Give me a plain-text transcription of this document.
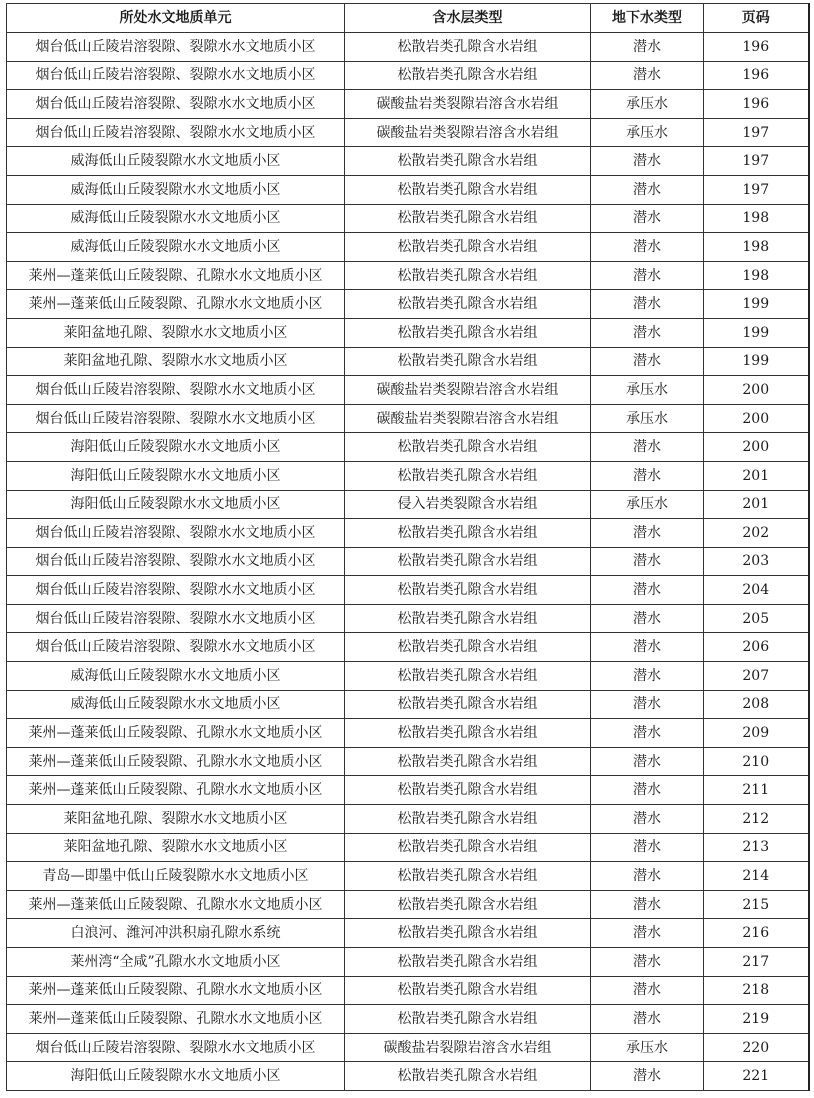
所处水文地质单元	含水层类型	地下水类型	页码
烟台低山丘陵岩溶裂隙、裂隙水水文地质小区	松散岩类孔隙含水岩组	潜水	196
烟台低山丘陵岩溶裂隙、裂隙水水文地质小区	松散岩类孔隙含水岩组	潜水	196
烟台低山丘陵岩溶裂隙、裂隙水水文地质小区	碳酸盐岩类裂隙岩溶含水岩组	承压水	196
烟台低山丘陵岩溶裂隙、裂隙水水文地质小区	碳酸盐岩类裂隙岩溶含水岩组	承压水	197
威海低山丘陵裂隙水水文地质小区	松散岩类孔隙含水岩组	潜水	197
威海低山丘陵裂隙水水文地质小区	松散岩类孔隙含水岩组	潜水	197
威海低山丘陵裂隙水水文地质小区	松散岩类孔隙含水岩组	潜水	198
威海低山丘陵裂隙水水文地质小区	松散岩类孔隙含水岩组	潜水	198
莱州—蓬莱低山丘陵裂隙、孔隙水水文地质小区	松散岩类孔隙含水岩组	潜水	198
莱州—蓬莱低山丘陵裂隙、孔隙水水文地质小区	松散岩类孔隙含水岩组	潜水	199
莱阳盆地孔隙、裂隙水水文地质小区	松散岩类孔隙含水岩组	潜水	199
莱阳盆地孔隙、裂隙水水文地质小区	松散岩类孔隙含水岩组	潜水	199
烟台低山丘陵岩溶裂隙、裂隙水水文地质小区	碳酸盐岩类裂隙岩溶含水岩组	承压水	200
烟台低山丘陵岩溶裂隙、裂隙水水文地质小区	碳酸盐岩类裂隙岩溶含水岩组	承压水	200
海阳低山丘陵裂隙水水文地质小区	松散岩类孔隙含水岩组	潜水	200
海阳低山丘陵裂隙水水文地质小区	松散岩类孔隙含水岩组	潜水	201
海阳低山丘陵裂隙水水文地质小区	侵入岩类裂隙含水岩组	承压水	201
烟台低山丘陵岩溶裂隙、裂隙水水文地质小区	松散岩类孔隙含水岩组	潜水	202
烟台低山丘陵岩溶裂隙、裂隙水水文地质小区	松散岩类孔隙含水岩组	潜水	203
烟台低山丘陵岩溶裂隙、裂隙水水文地质小区	松散岩类孔隙含水岩组	潜水	204
烟台低山丘陵岩溶裂隙、裂隙水水文地质小区	松散岩类孔隙含水岩组	潜水	205
烟台低山丘陵岩溶裂隙、裂隙水水文地质小区	松散岩类孔隙含水岩组	潜水	206
威海低山丘陵裂隙水水文地质小区	松散岩类孔隙含水岩组	潜水	207
威海低山丘陵裂隙水水文地质小区	松散岩类孔隙含水岩组	潜水	208
莱州—蓬莱低山丘陵裂隙、孔隙水水文地质小区	松散岩类孔隙含水岩组	潜水	209
莱州—蓬莱低山丘陵裂隙、孔隙水水文地质小区	松散岩类孔隙含水岩组	潜水	210
莱州—蓬莱低山丘陵裂隙、孔隙水水文地质小区	松散岩类孔隙含水岩组	潜水	211
莱阳盆地孔隙、裂隙水水文地质小区	松散岩类孔隙含水岩组	潜水	212
莱阳盆地孔隙、裂隙水水文地质小区	松散岩类孔隙含水岩组	潜水	213
青岛—即墨中低山丘陵裂隙水水文地质小区	松散岩类孔隙含水岩组	潜水	214
莱州—蓬莱低山丘陵裂隙、孔隙水水文地质小区	松散岩类孔隙含水岩组	潜水	215
白浪河、潍河冲洪积扇孔隙水系统	松散岩类孔隙含水岩组	潜水	216
莱州湾“全咸”孔隙水水文地质小区	松散岩类孔隙含水岩组	潜水	217
莱州—蓬莱低山丘陵裂隙、孔隙水水文地质小区	松散岩类孔隙含水岩组	潜水	218
莱州—蓬莱低山丘陵裂隙、孔隙水水文地质小区	松散岩类孔隙含水岩组	潜水	219
烟台低山丘陵岩溶裂隙、裂隙水水文地质小区	碳酸盐岩裂隙岩溶含水岩组	承压水	220
海阳低山丘陵裂隙水水文地质小区	松散岩类孔隙含水岩组	潜水	221
